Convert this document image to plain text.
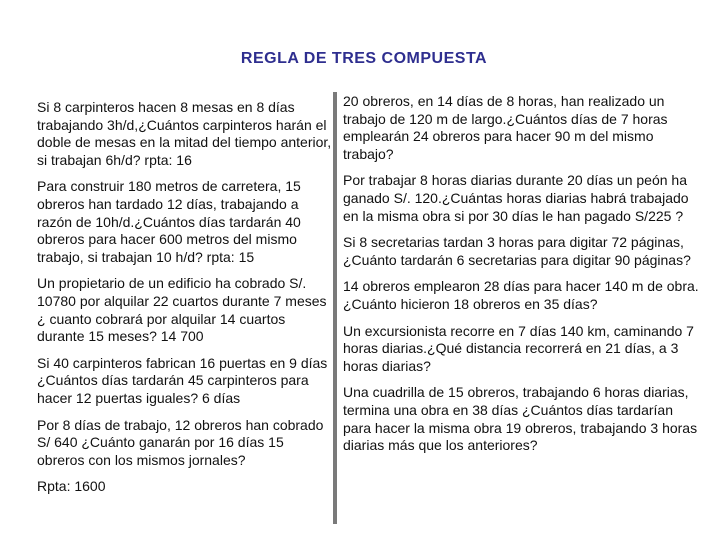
REGLA DE TRES COMPUESTA

Si 8 carpinteros hacen 8 mesas en 8 días trabajando 3h/d,¿Cuántos carpinteros harán el doble de mesas en la mitad del tiempo anterior, si trabajan 6h/d? rpta: 16

Para construir 180 metros de carretera, 15 obreros han tardado 12 días, trabajando a razón de 10h/d.¿Cuántos días tardarán 40 obreros para hacer 600 metros del mismo trabajo, si trabajan 10 h/d? rpta: 15

Un propietario de un edificio ha cobrado S/. 10780 por alquilar 22 cuartos durante 7 meses ¿ cuanto cobrará por alquilar 14 cuartos durante 15 meses? 14 700

Si 40 carpinteros fabrican 16 puertas en 9 días ¿Cuántos días tardarán 45 carpinteros para hacer 12 puertas iguales? 6 días

Por 8 días de trabajo, 12 obreros han cobrado S/ 640 ¿Cuánto ganarán por 16 días 15 obreros con los mismos jornales?

Rpta: 1600

20 obreros, en 14 días de 8 horas, han realizado un trabajo de 120 m de largo.¿Cuántos días de 7 horas emplearán 24 obreros para hacer 90 m del mismo trabajo?

Por trabajar 8 horas diarias durante 20 días un peón ha ganado S/. 120.¿Cuántas horas diarias habrá trabajado en la misma obra si por 30 días le han pagado S/225 ?

Si 8 secretarias tardan 3 horas para digitar 72 páginas,¿Cuánto tardarán 6 secretarias para digitar 90 páginas?

14 obreros emplearon 28 días para hacer 140 m de obra.¿Cuánto hicieron 18 obreros en 35 días?

Un excursionista recorre en 7 días 140 km, caminando 7 horas diarias.¿Qué distancia recorrerá en 21 días, a 3 horas diarias?

Una cuadrilla de 15 obreros, trabajando 6 horas diarias, termina una obra en 38 días ¿Cuántos días tardarían para hacer la misma obra 19 obreros, trabajando 3 horas diarias más que los anteriores?
